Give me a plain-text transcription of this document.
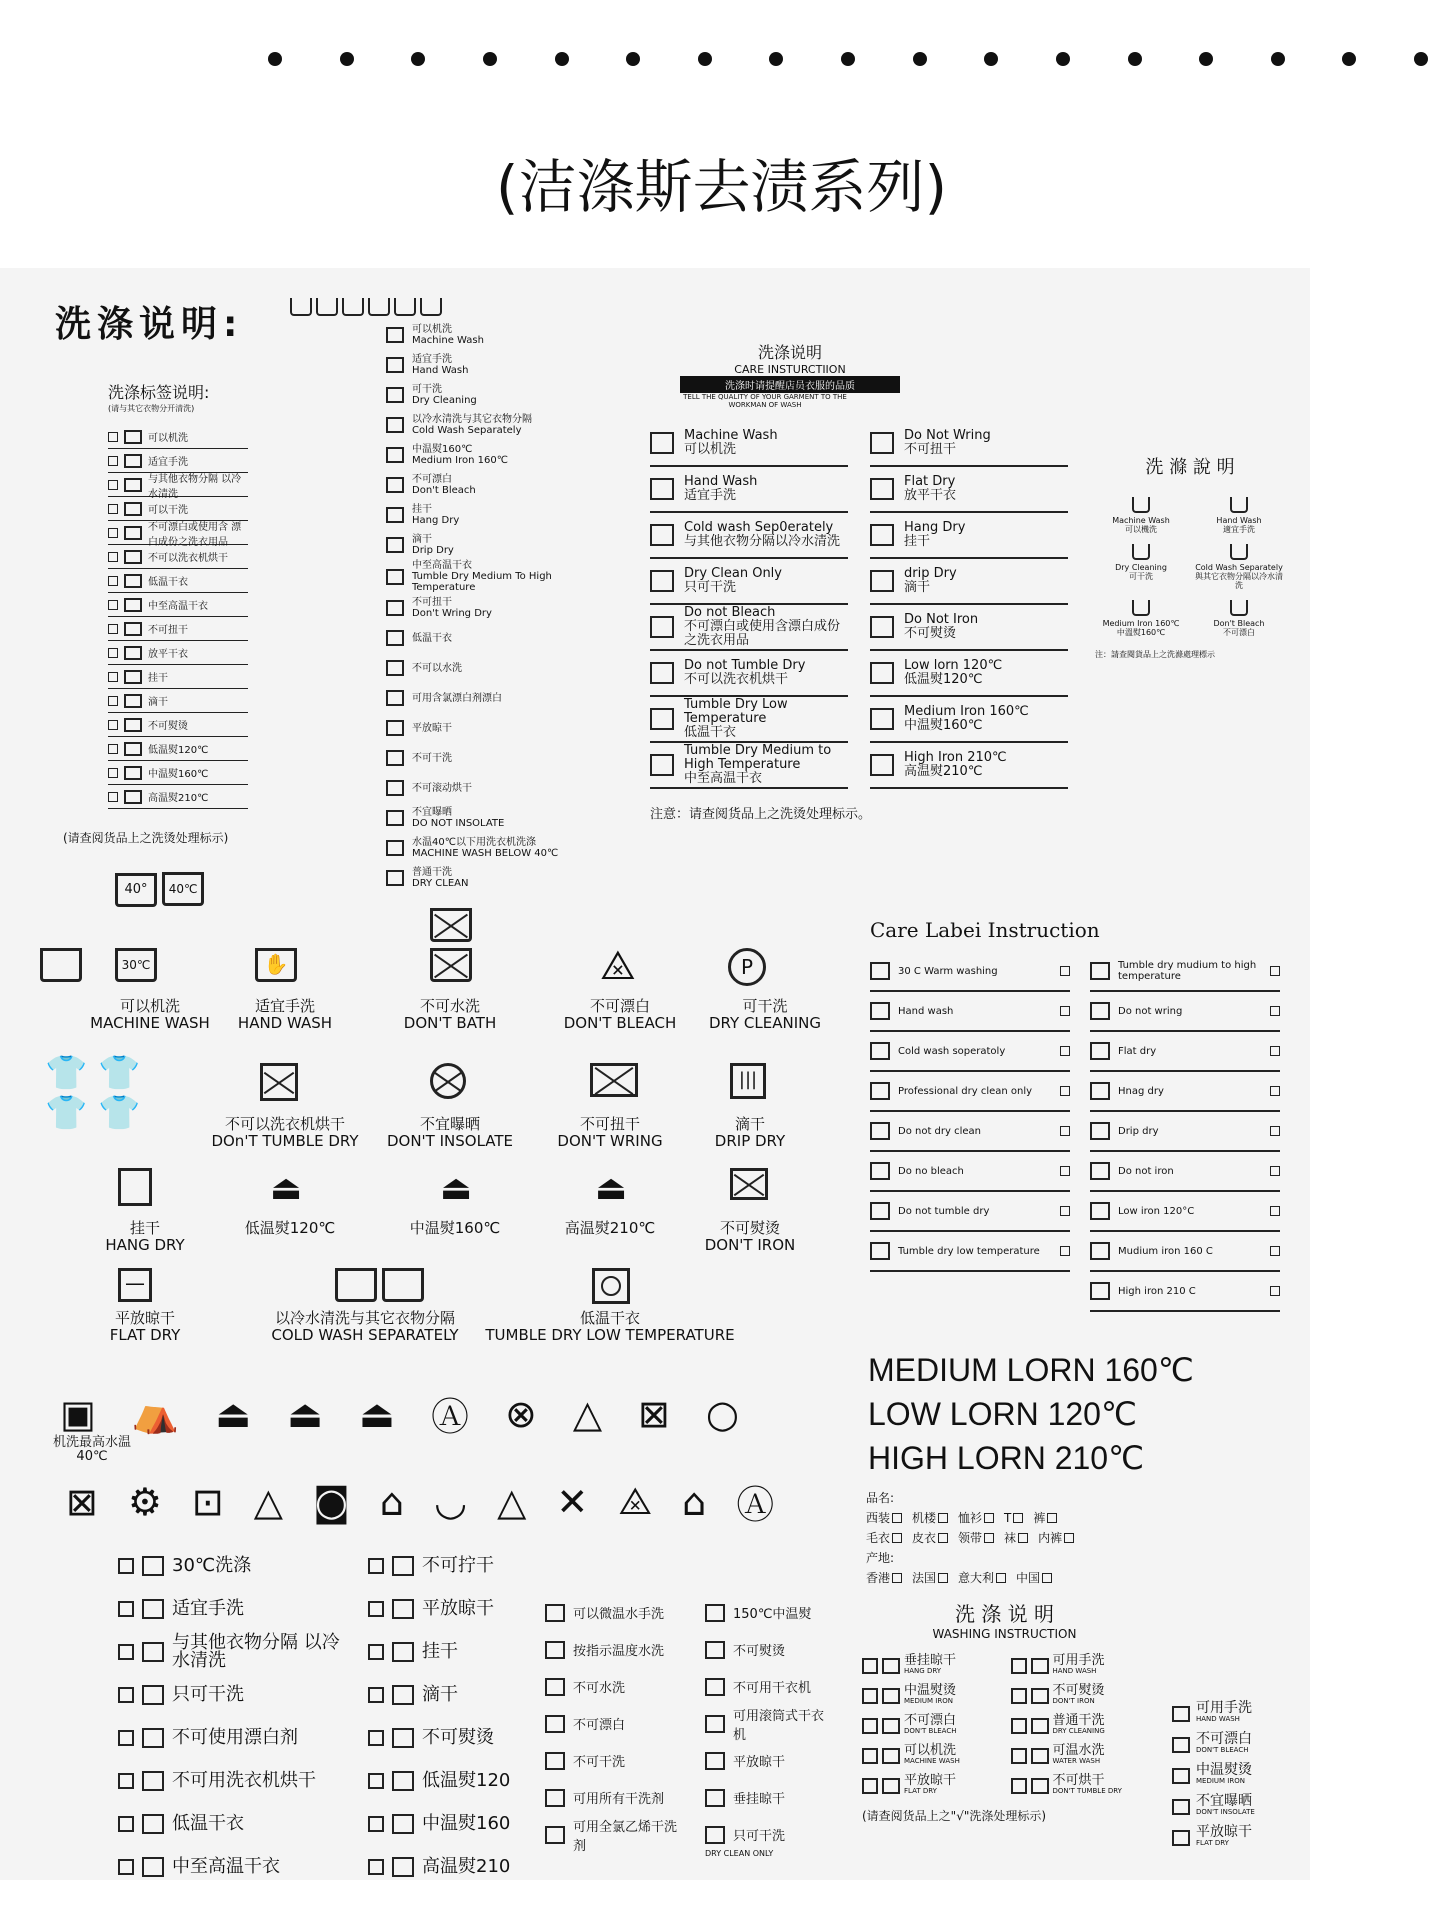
(洁涤斯去渍系列)
洗涤说明:
洗涤标签说明:
(请与其它衣物分开清洗)
可以机洗
适宜手洗
与其他衣物分隔 以冷水清洗
可以干洗
不可漂白或使用含 漂白成份之洗衣用品
不可以洗衣机烘干
低温干衣
中至高温干衣
不可扭干
放平干衣
挂干
滴干
不可熨烫
低温熨120℃
中温熨160℃
高温熨210℃
(请查阅货品上之洗烫处理标示)
可以机洗
Machine Wash
适宜手洗
Hand Wash
可干洗
Dry Cleaning
以冷水清洗与其它衣物分隔
Cold Wash Separately
中温熨160℃
Medium Iron 160℃
不可漂白
Don't Bleach
挂干
Hang Dry
滴干
Drip Dry
中至高温干衣
Tumble Dry Medium To High Temperature
不可扭干
Don't Wring Dry
低温干衣
不可以水洗
可用含氯漂白剂漂白
平放晾干
不可干洗
不可滚动烘干
不宜曝晒
DO NOT INSOLATE
水温40℃以下用洗衣机洗涤
MACHINE WASH BELOW 40℃
普通干洗
DRY CLEAN
洗涤说明
CARE INSTURCTIION
洗涤时请提醒店员衣服的品质
TELL THE QUALITY OF YOUR GARMENT TO THE WORKMAN OF WASH
Machine Wash
可以机洗
Hand Wash
适宜手洗
Cold wash Sep0erately
与其他衣物分隔以冷水清洗
Dry Clean Only
只可干洗
Do not Bleach
不可漂白或使用含漂白成份之洗衣用品
Do not Tumble Dry
不可以洗衣机烘干
Tumble Dry Low Temperature
低温干衣
Tumble Dry Medium to High Temperature
中至高温干衣
Do Not Wring
不可扭干
Flat Dry
放平干衣
Hang Dry
挂干
drip Dry
滴干
Do Not Iron
不可熨烫
Low lorn 120℃
低温熨120℃
Medium Iron 160℃
中温熨160℃
High Iron 210℃
高温熨210℃
注意：请查阅货品上之洗烫处理标示。
洗 滌 說 明
Machine Wash
可以機洗
Hand Wash
適宜手洗
Dry Cleaning
可干洗
Cold Wash Separately
與其它衣物分隔以冷水清洗
Medium Iron 160℃
中溫熨160℃
Don't Bleach
不可漂白
注：請查閱貨品上之洗滌處理標示
40° 40℃
30℃	✋	⨻	P
可以机洗
MACHINE WASH
适宜手洗
HAND WASH
不可水洗
DON'T BATH
不可漂白
DON'T BLEACH
可干洗
DRY CLEANING
👕 👕
👕 👕
|||
不可以洗衣机烘干
DOn'T TUMBLE DRY
不宜曝晒
DON'T INSOLATE
不可扭干
DON'T WRING
滴干
DRIP DRY
⏏	⏏	⏏
挂干
HANG DRY
低温熨120℃	中温熨160℃	高温熨210℃	不可熨烫
DON'T IRON
—

平放晾干
FLAT DRY
以冷水清洗与其它衣物分隔
COLD WASH SEPARATELY
低温干衣
TUMBLE DRY LOW TEMPERATURE
▣ ⛺ ⏏ ⏏ ⏏ Ⓐ ⊗ △ ⊠ ○
机洗最高水温40℃
⊠ ⚙ ⊡ △ ◙ ⌂ ◡ △ ✕ ⨻ ⌂ Ⓐ
30℃洗涤
适宜手洗
与其他衣物分隔 以冷水清洗
只可干洗
不可使用漂白剂
不可用洗衣机烘干
低温干衣
中至高温干衣
不可拧干
平放晾干
挂干
滴干
不可熨烫
低温熨120
中温熨160
高温熨210
可以微温水手洗
按指示温度水洗
不可水洗
不可漂白
不可干洗
可用所有干洗剂
可用全氯乙烯干洗剂
150℃中温熨
不可熨烫
不可用干衣机
可用滚筒式干衣机
平放晾干
垂挂晾干
只可干洗
DRY CLEAN ONLY
Care Labei Instruction
30 C Warm washing
Hand wash
Cold wash soperatoly
Professional dry clean only
Do not dry clean
Do no bleach
Do not tumble dry
Tumble dry low temperature
Tumble dry mudium to high temperature
Do not wring
Flat dry
Hnag dry
Drip dry
Do not iron
Low iron 120°C
Mudium iron 160 C
High iron 210 C
MEDIUM LORN 160℃
LOW LORN 120℃
HIGH LORN 210℃
品名:
西装 机楼 恤衫 T 裤
毛衣 皮衣 领带 袜 内裤
产地:
香港 法国 意大利 中国
洗 涤 说 明
WASHING INSTRUCTION
垂挂晾干
HANG DRY
中温熨烫
MEDIUM IRON
不可漂白
DON'T BLEACH
可以机洗
MACHINE WASH
平放晾干
FLAT DRY
可用手洗
HAND WASH
不可熨烫
DON'T IRON
普通干洗
DRY CLEANING
可温水洗
WATER WASH
不可烘干
DON'T TUMBLE DRY
(请查阅货品上之"√"洗涤处理标示)
可用手洗
HAND WASH
不可漂白
DON'T BLEACH
中温熨烫
MEDIUM IRON
不宜曝晒
DON'T INSOLATE
平放晾干
FLAT DRY
